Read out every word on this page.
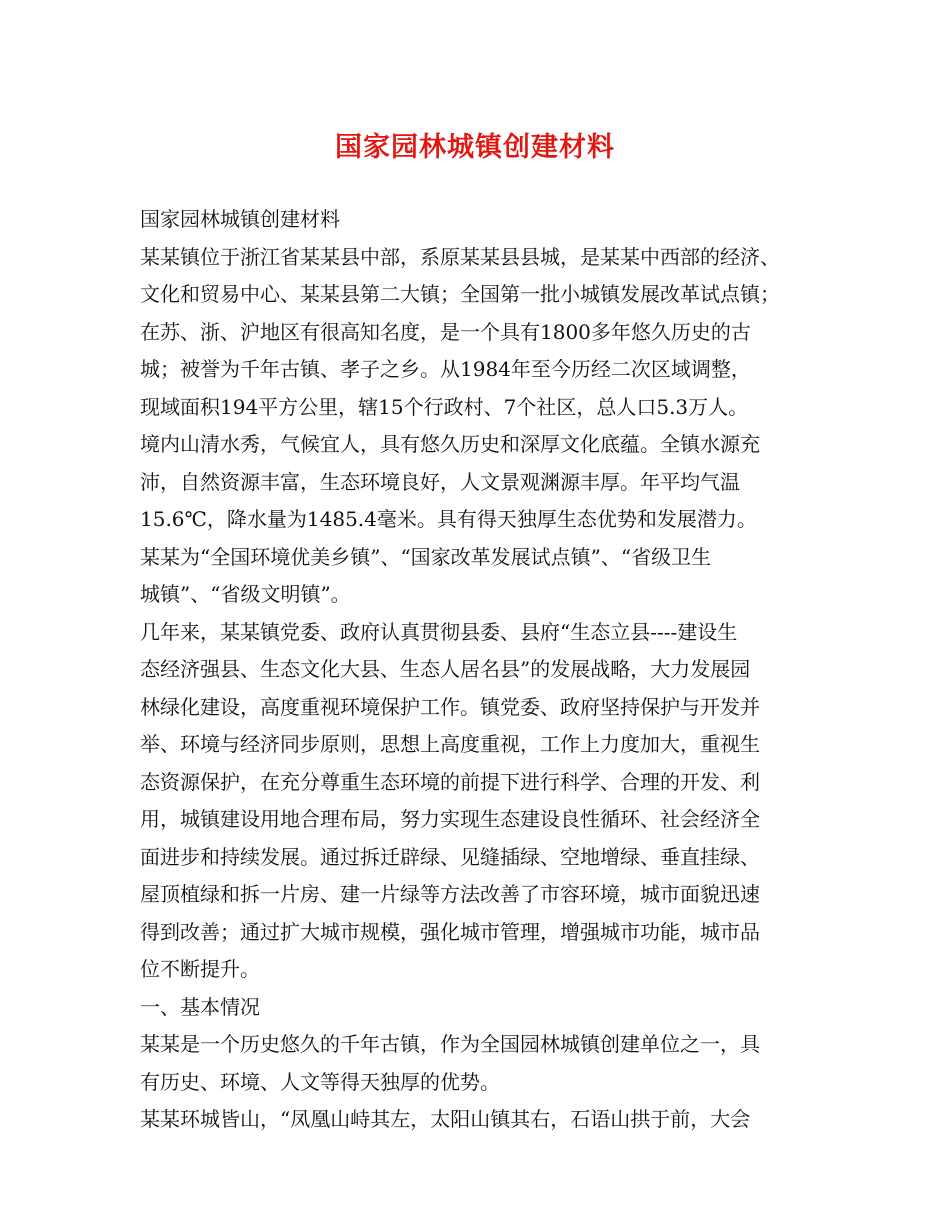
国家园林城镇创建材料
国家园林城镇创建材料
某某镇位于浙江省某某县中部，系原某某县县城，是某某中西部的经济、
文化和贸易中心、某某县第二大镇；全国第一批小城镇发展改革试点镇；
在苏、浙、沪地区有很高知名度，是一个具有1800多年悠久历史的古
城；被誉为千年古镇、孝子之乡。从1984年至今历经二次区域调整，
现域面积194平方公里，辖15个行政村、7个社区，总人口5.3万人。
境内山清水秀，气候宜人，具有悠久历史和深厚文化底蕴。全镇水源充
沛，自然资源丰富，生态环境良好，人文景观渊源丰厚。年平均气温
15.6℃，降水量为1485.4毫米。具有得天独厚生态优势和发展潜力。
某某为“全国环境优美乡镇”、“国家改革发展试点镇”、“省级卫生
城镇”、“省级文明镇”。
几年来，某某镇党委、政府认真贯彻县委、县府“生态立县----建设生
态经济强县、生态文化大县、生态人居名县”的发展战略，大力发展园
林绿化建设，高度重视环境保护工作。镇党委、政府坚持保护与开发并
举、环境与经济同步原则，思想上高度重视，工作上力度加大，重视生
态资源保护，在充分尊重生态环境的前提下进行科学、合理的开发、利
用，城镇建设用地合理布局，努力实现生态建设良性循环、社会经济全
面进步和持续发展。通过拆迁辟绿、见缝插绿、空地增绿、垂直挂绿、
屋顶植绿和拆一片房、建一片绿等方法改善了市容环境，城市面貌迅速
得到改善；通过扩大城市规模，强化城市管理，增强城市功能，城市品
位不断提升。
一、基本情况
某某是一个历史悠久的千年古镇，作为全国园林城镇创建单位之一，具
有历史、环境、人文等得天独厚的优势。
某某环城皆山，“凤凰山峙其左，太阳山镇其右，石语山拱于前，大会
